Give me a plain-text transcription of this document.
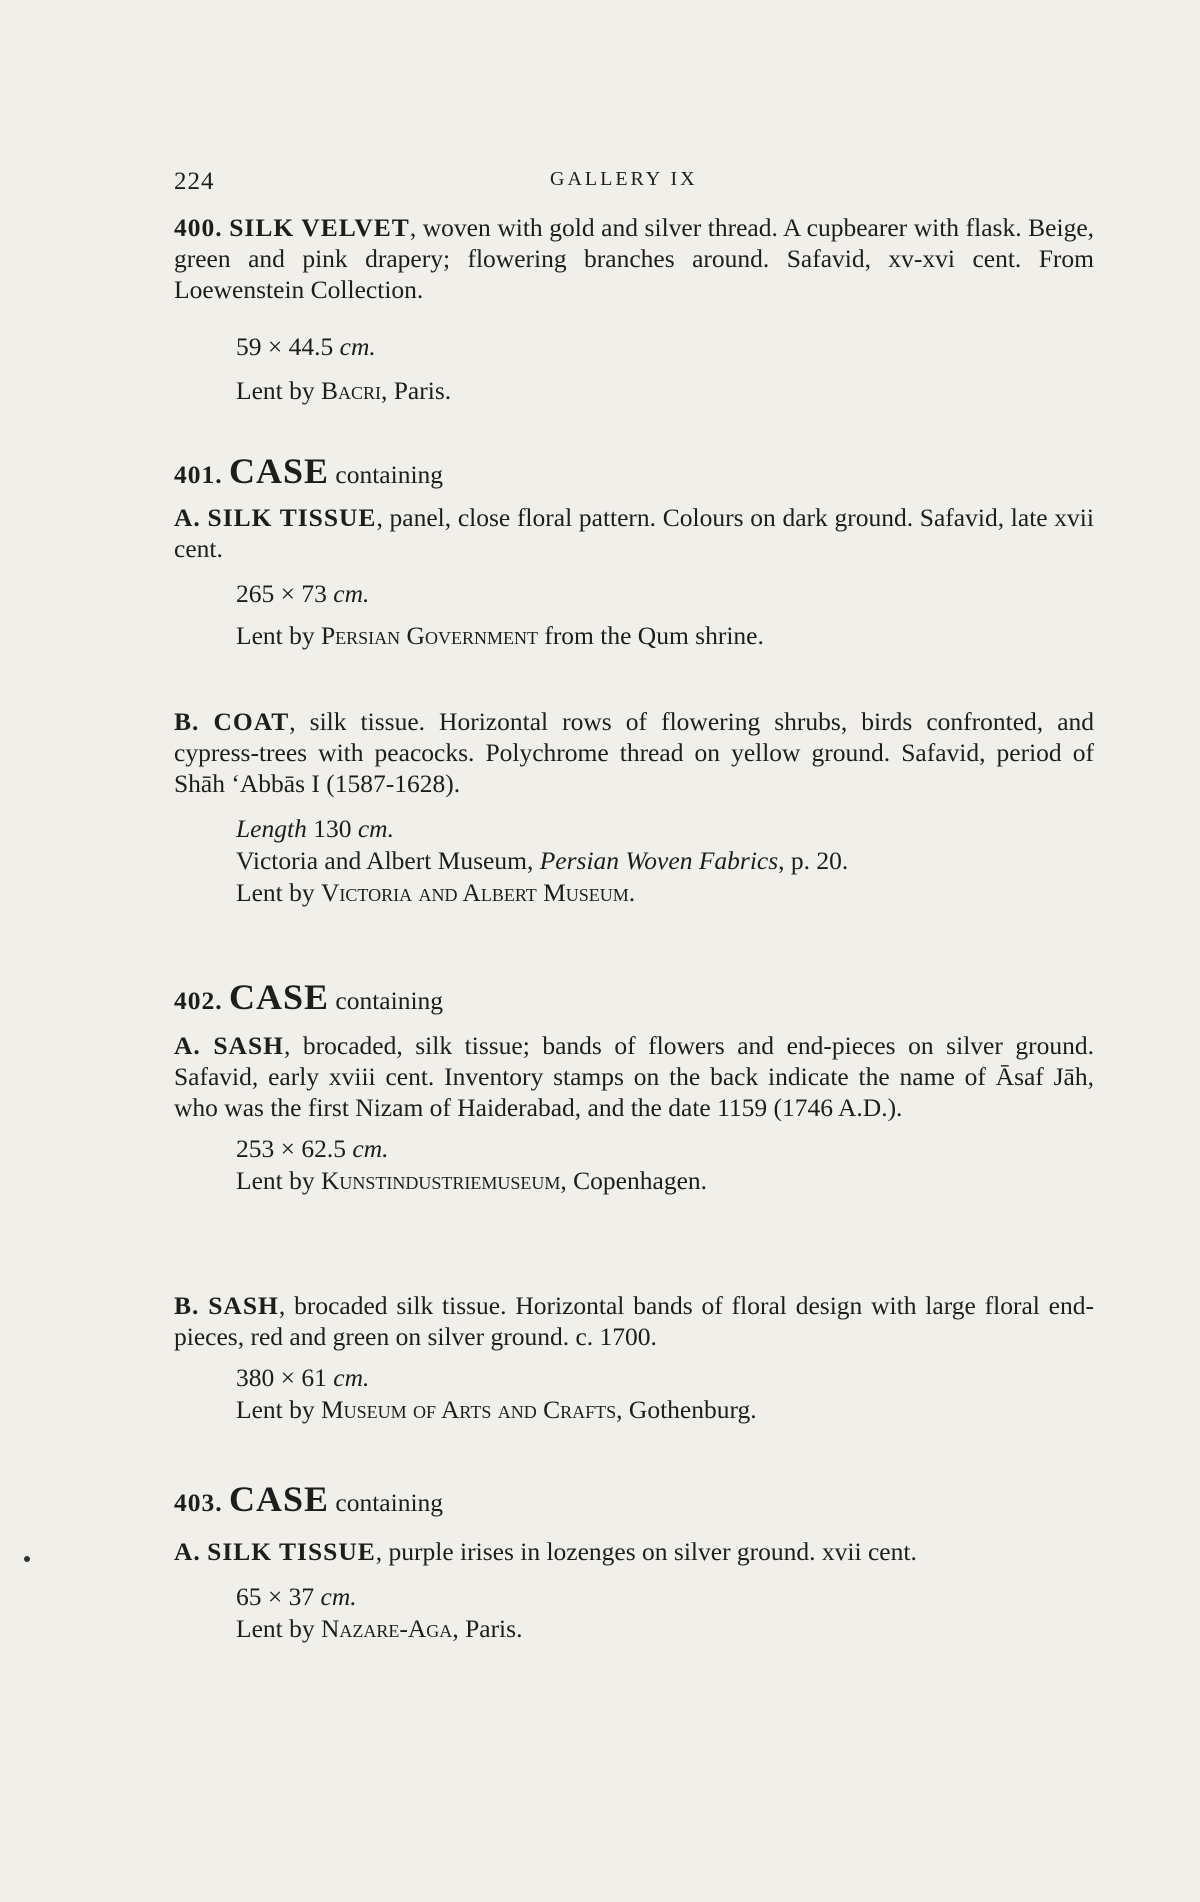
224	GALLERY IX
400. SILK VELVET, woven with gold and silver thread. A cupbearer with flask. Beige, green and pink drapery; flowering branches around. Safavid, xv-xvi cent. From Loewenstein Collection.
59 × 44.5 cm.
Lent by Bacri, Paris.
401. CASE containing
A. SILK TISSUE, panel, close floral pattern. Colours on dark ground. Safavid, late xvii cent.
265 × 73 cm.
Lent by Persian Government from the Qum shrine.
B. COAT, silk tissue. Horizontal rows of flowering shrubs, birds confronted, and cypress-trees with peacocks. Polychrome thread on yellow ground. Safavid, period of Shāh ‘Abbās I (1587-1628).
Length 130 cm.
Victoria and Albert Museum, Persian Woven Fabrics, p. 20.
Lent by Victoria and Albert Museum.
402. CASE containing
A. SASH, brocaded, silk tissue; bands of flowers and end-pieces on silver ground. Safavid, early xviii cent. Inventory stamps on the back indicate the name of Āsaf Jāh, who was the first Nizam of Haiderabad, and the date 1159 (1746 A.D.).
253 × 62.5 cm.
Lent by Kunstindustriemuseum, Copenhagen.
B. SASH, brocaded silk tissue. Horizontal bands of floral design with large floral end-pieces, red and green on silver ground. c. 1700.
380 × 61 cm.
Lent by Museum of Arts and Crafts, Gothenburg.
403. CASE containing
A. SILK TISSUE, purple irises in lozenges on silver ground. xvii cent.
65 × 37 cm.
Lent by Nazare-Aga, Paris.
